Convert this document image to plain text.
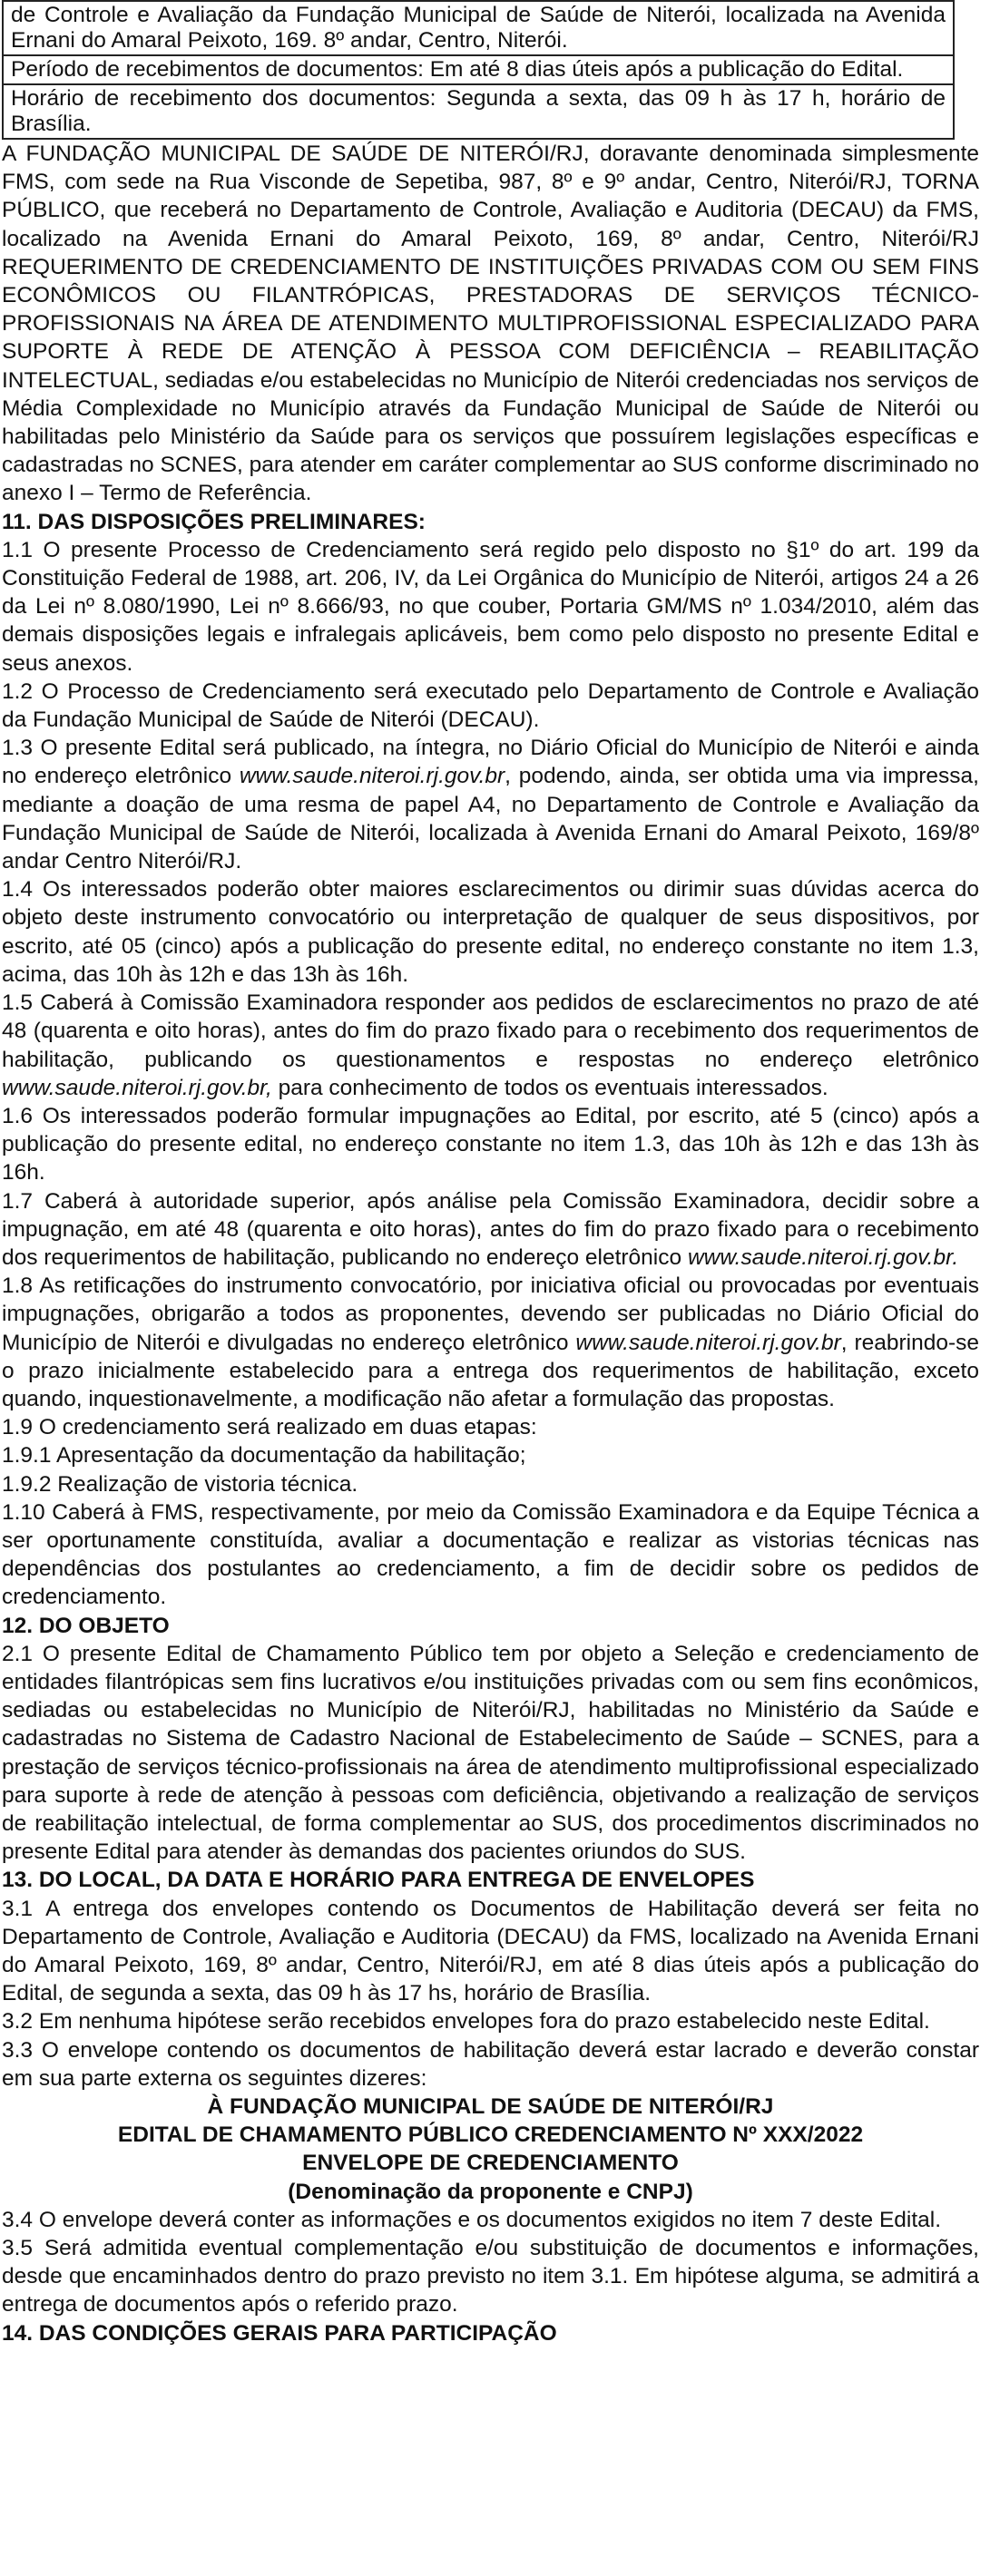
de Controle e Avaliação da Fundação Municipal de Saúde de Niterói, localizada na Avenida Ernani do Amaral Peixoto, 169. 8º andar, Centro, Niterói.
Período de recebimentos de documentos: Em até 8 dias úteis após a publicação do Edital.
Horário de recebimento dos documentos: Segunda a sexta, das 09 h às 17 h, horário de Brasília.

A FUNDAÇÃO MUNICIPAL DE SAÚDE DE NITERÓI/RJ, doravante denominada simplesmente FMS, com sede na Rua Visconde de Sepetiba, 987, 8º e 9º andar, Centro, Niterói/RJ, TORNA PÚBLICO, que receberá no Departamento de Controle, Avaliação e Auditoria (DECAU) da FMS, localizado na Avenida Ernani do Amaral Peixoto, 169, 8º andar, Centro, Niterói/RJ REQUERIMENTO DE CREDENCIAMENTO DE INSTITUIÇÕES PRIVADAS COM OU SEM FINS ECONÔMICOS OU FILANTRÓPICAS, PRESTADORAS DE SERVIÇOS TÉCNICO-PROFISSIONAIS NA ÁREA DE ATENDIMENTO MULTIPROFISSIONAL ESPECIALIZADO PARA SUPORTE À REDE DE ATENÇÃO À PESSOA COM DEFICIÊNCIA – REABILITAÇÃO INTELECTUAL, sediadas e/ou estabelecidas no Município de Niterói credenciadas nos serviços de Média Complexidade no Município através da Fundação Municipal de Saúde de Niterói ou habilitadas pelo Ministério da Saúde para os serviços que possuírem legislações específicas e cadastradas no SCNES, para atender em caráter complementar ao SUS conforme discriminado no anexo I – Termo de Referência.

11. DAS DISPOSIÇÕES PRELIMINARES:

1.1 O presente Processo de Credenciamento será regido pelo disposto no §1º do art. 199 da Constituição Federal de 1988, art. 206, IV, da Lei Orgânica do Município de Niterói, artigos 24 a 26 da Lei nº 8.080/1990, Lei nº 8.666/93, no que couber, Portaria GM/MS nº 1.034/2010, além das demais disposições legais e infralegais aplicáveis, bem como pelo disposto no presente Edital e seus anexos.

1.2 O Processo de Credenciamento será executado pelo Departamento de Controle e Avaliação da Fundação Municipal de Saúde de Niterói (DECAU).

1.3 O presente Edital será publicado, na íntegra, no Diário Oficial do Município de Niterói e ainda no endereço eletrônico www.saude.niteroi.rj.gov.br, podendo, ainda, ser obtida uma via impressa, mediante a doação de uma resma de papel A4, no Departamento de Controle e Avaliação da Fundação Municipal de Saúde de Niterói, localizada à Avenida Ernani do Amaral Peixoto, 169/8º andar Centro Niterói/RJ.

1.4 Os interessados poderão obter maiores esclarecimentos ou dirimir suas dúvidas acerca do objeto deste instrumento convocatório ou interpretação de qualquer de seus dispositivos, por escrito, até 05 (cinco) após a publicação do presente edital, no endereço constante no item 1.3, acima, das 10h às 12h e das 13h às 16h.

1.5 Caberá à Comissão Examinadora responder aos pedidos de esclarecimentos no prazo de até 48 (quarenta e oito horas), antes do fim do prazo fixado para o recebimento dos requerimentos de habilitação, publicando os questionamentos e respostas no endereço eletrônico www.saude.niteroi.rj.gov.br, para conhecimento de todos os eventuais interessados.

1.6 Os interessados poderão formular impugnações ao Edital, por escrito, até 5 (cinco) após a publicação do presente edital, no endereço constante no item 1.3, das 10h às 12h e das 13h às 16h.

1.7 Caberá à autoridade superior, após análise pela Comissão Examinadora, decidir sobre a impugnação, em até 48 (quarenta e oito horas), antes do fim do prazo fixado para o recebimento dos requerimentos de habilitação, publicando no endereço eletrônico www.saude.niteroi.rj.gov.br.

1.8 As retificações do instrumento convocatório, por iniciativa oficial ou provocadas por eventuais impugnações, obrigarão a todos as proponentes, devendo ser publicadas no Diário Oficial do Município de Niterói e divulgadas no endereço eletrônico www.saude.niteroi.rj.gov.br, reabrindo-se o prazo inicialmente estabelecido para a entrega dos requerimentos de habilitação, exceto quando, inquestionavelmente, a modificação não afetar a formulação das propostas.

1.9 O credenciamento será realizado em duas etapas:

1.9.1 Apresentação da documentação da habilitação;

1.9.2 Realização de vistoria técnica.

1.10 Caberá à FMS, respectivamente, por meio da Comissão Examinadora e da Equipe Técnica a ser oportunamente constituída, avaliar a documentação e realizar as vistorias técnicas nas dependências dos postulantes ao credenciamento, a fim de decidir sobre os pedidos de credenciamento.

12. DO OBJETO

2.1 O presente Edital de Chamamento Público tem por objeto a Seleção e credenciamento de entidades filantrópicas sem fins lucrativos e/ou instituições privadas com ou sem fins econômicos, sediadas ou estabelecidas no Município de Niterói/RJ, habilitadas no Ministério da Saúde e cadastradas no Sistema de Cadastro Nacional de Estabelecimento de Saúde – SCNES, para a prestação de serviços técnico-profissionais na área de atendimento multiprofissional especializado para suporte à rede de atenção à pessoas com deficiência, objetivando a realização de serviços de reabilitação intelectual, de forma complementar ao SUS, dos procedimentos discriminados no presente Edital para atender às demandas dos pacientes oriundos do SUS.

13. DO LOCAL, DA DATA E HORÁRIO PARA ENTREGA DE ENVELOPES

3.1 A entrega dos envelopes contendo os Documentos de Habilitação deverá ser feita no Departamento de Controle, Avaliação e Auditoria (DECAU) da FMS, localizado na Avenida Ernani do Amaral Peixoto, 169, 8º andar, Centro, Niterói/RJ, em até 8 dias úteis após a publicação do Edital, de segunda a sexta, das 09 h às 17 hs, horário de Brasília.

3.2 Em nenhuma hipótese serão recebidos envelopes fora do prazo estabelecido neste Edital.

3.3 O envelope contendo os documentos de habilitação deverá estar lacrado e deverão constar em sua parte externa os seguintes dizeres:

À FUNDAÇÃO MUNICIPAL DE SAÚDE DE NITERÓI/RJ

EDITAL DE CHAMAMENTO PÚBLICO CREDENCIAMENTO Nº XXX/2022

ENVELOPE DE CREDENCIAMENTO

(Denominação da proponente e CNPJ)

3.4 O envelope deverá conter as informações e os documentos exigidos no item 7 deste Edital.

3.5 Será admitida eventual complementação e/ou substituição de documentos e informações, desde que encaminhados dentro do prazo previsto no item 3.1. Em hipótese alguma, se admitirá a entrega de documentos após o referido prazo.

14. DAS CONDIÇÕES GERAIS PARA PARTICIPAÇÃO
